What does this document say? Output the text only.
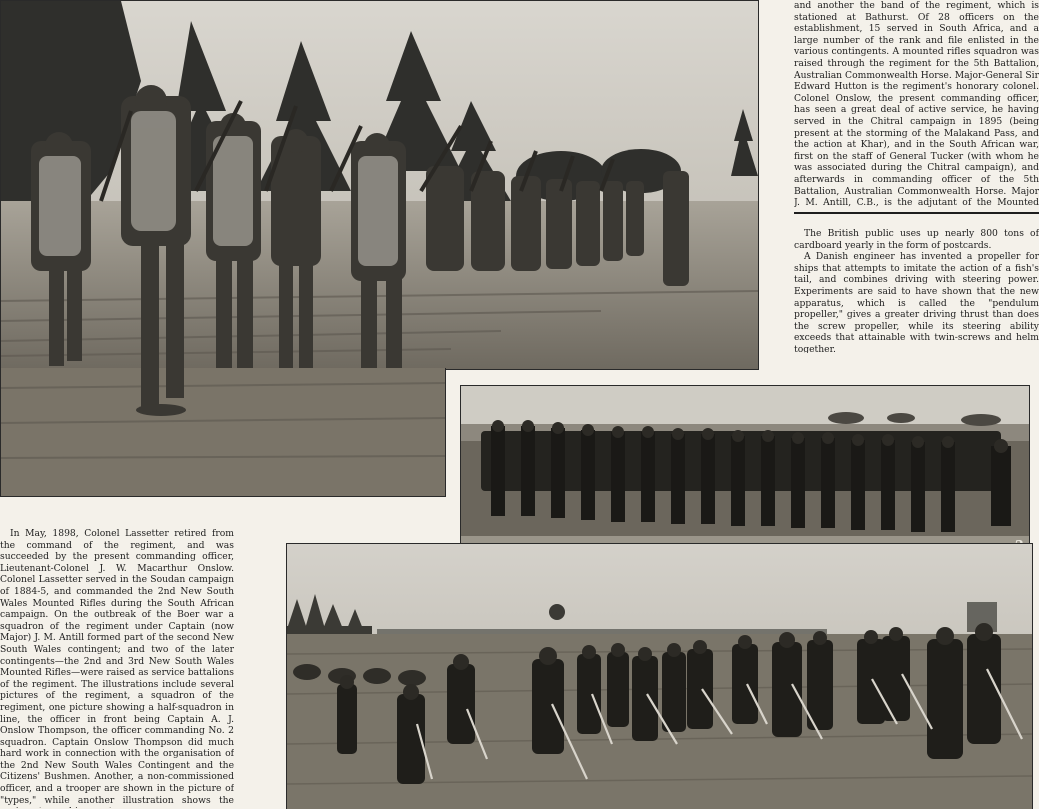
and another the band of the regiment, which is stationed at Bathurst. Of 28 officers on the establishment, 15 served in South Africa, and a large number of the rank and file enlisted in the various contingents. A mounted rifles squadron was raised through the regiment for the 5th Battalion, Australian Commonwealth Horse. Major-General Sir Edward Hutton is the regiment's honorary colonel. Colonel Onslow, the present commanding officer, has seen a great deal of active service, he having served in the Chitral campaign in 1895 (being present at the storming of the Malakand Pass, and the action at Khar), and in the South African war, first on the staff of General Tucker (with whom he was associated during the Chitral campaign), and afterwards in commanding officer of the 5th Battalion, Australian Commonwealth Horse. Major J. M. Antill, C.B., is the adjutant of the Mounted

The British public uses up nearly 800 tons of cardboard yearly in the form of postcards.

A Danish engineer has invented a propeller for ships that attempts to imitate the action of a fish's tail, and combines driving with steering power. Experiments are said to have shown that the new apparatus, which is called the "pendulum propeller," gives a greater driving thrust than does the screw propeller, while its steering ability exceeds that attainable with twin-screws and helm together.

In May, 1898, Colonel Lassetter retired from the command of the regiment, and was succeeded by the present commanding officer, Lieutenant-Colonel J. W. Macarthur Onslow. Colonel Lassetter served in the Soudan campaign of 1884-5, and commanded the 2nd New South Wales Mounted Rifles during the South African campaign. On the outbreak of the Boer war a squadron of the regiment under Captain (now Major) J. M. Antill formed part of the second New South Wales contingent; and two of the later contingents—the 2nd and 3rd New South Wales Mounted Rifles—were raised as service battalions of the regiment. The illustrations include several pictures of the regiment, a squadron of the regiment, one picture showing a half-squadron in line, the officer in front being Captain A. J. Onslow Thompson, the officer commanding No. 2 squadron. Captain Onslow Thompson did much hard work in connection with the organisation of the 2nd New South Wales Contingent and the Citizens' Bushmen. Another, a non-commissioned officer, and a trooper are shown in the picture of "types," while another illustration shows the
